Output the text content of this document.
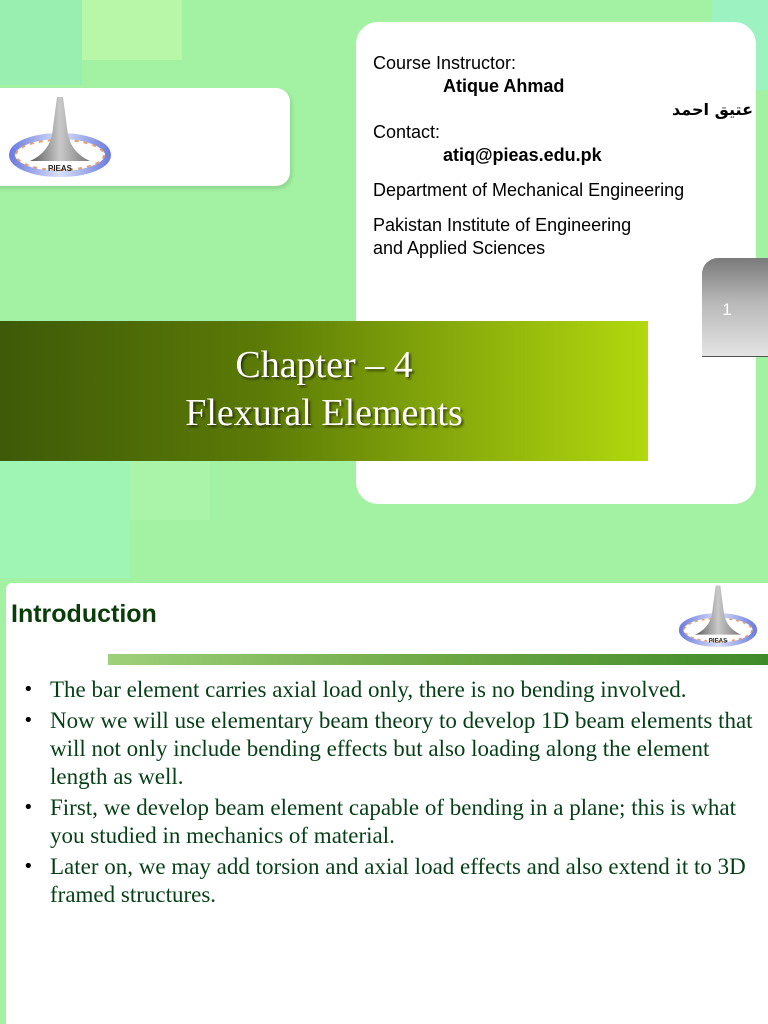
1
Chapter – 4
Flexural Elements
PIEAS
Course Instructor:
Atique Ahmad
عتیق احمد
Contact:
atiq@pieas.edu.pk
Department of Mechanical Engineering
Pakistan Institute of Engineering
and Applied Sciences
Introduction
PIEAS
• The bar element carries axial load only, there is no bending involved.
• Now we will use elementary beam theory to develop 1D beam elements that will not only include bending effects but also loading along the element length as well.
• First, we develop beam element capable of bending in a plane; this is what you studied in mechanics of material.
• Later on, we may add torsion and axial load effects and also extend it to 3D framed structures.
